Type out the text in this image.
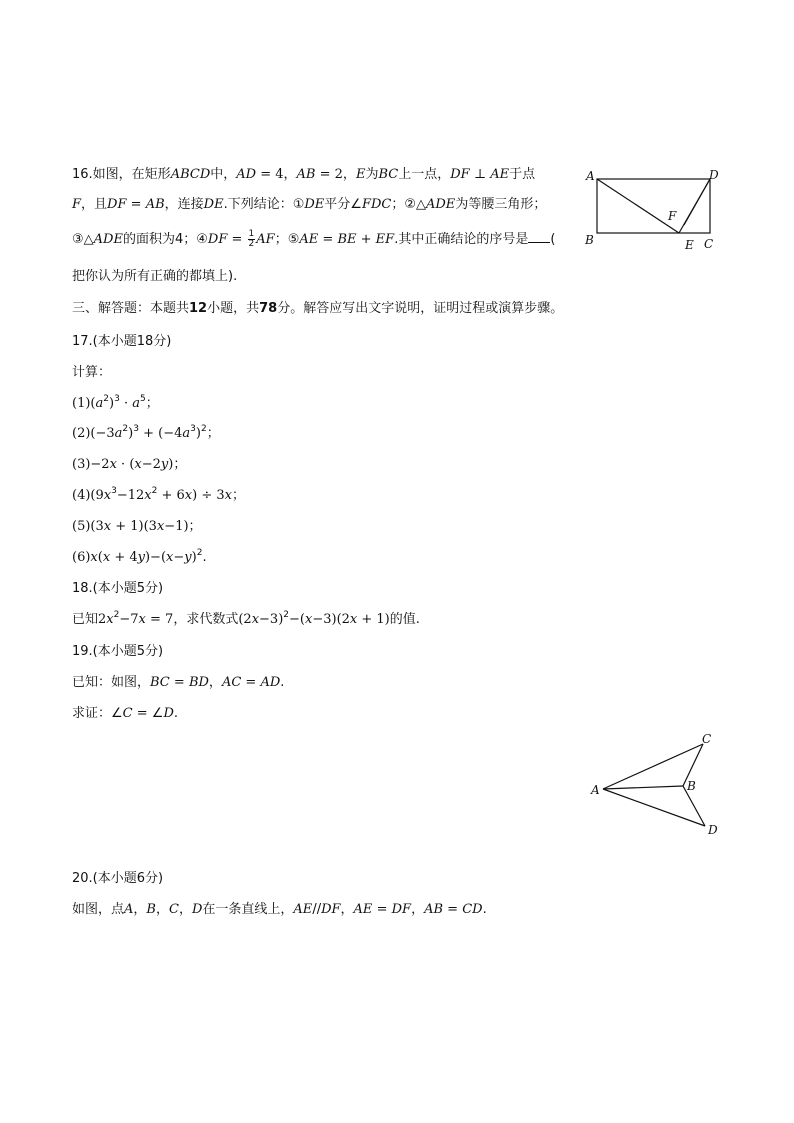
16.如图，在矩形ABCD中，AD = 4，AB = 2，E为BC上一点，DF ⊥ AE于点
F，且DF = AB，连接DE.下列结论：①DE平分∠FDC；②△ADE为等腰三角形；
③△ADE的面积为4；④DF = $\frac{1}{2}$ AF；⑤AE = BE + EF.其中正确结论的序号是 (
把你认为所有正确的都填上).
A
B	C
D
E
F
三、解答题：本题共12小题，共78分。解答应写出文字说明，证明过程或演算步骤。
17.(本小题18分)
计算：
$(1)(a^2)^3 \cdot a^5$；
$(2)(-3a^2)^3 + (-4a^3)^2$；
(3)−2x · (x−2y)；
$(4)(9x^3-12x^2 + 6x) \div 3x$；
(5)(3x + 1)(3x−1)；
$(6)x(x + 4y)-(x-y)^2$.
18.(本小题5分)
已知$2x^2-7x = 7$，求代数式$(2x-3)^2-(x-3)(2x + 1)$的值.
19.(本小题5分)
已知：如图，BC = BD，AC = AD.
求证：∠C = ∠D.
A	B
C
D
20.(本小题6分)
如图，点A，B，C，D在一条直线上，AE//DF，AE = DF，AB = CD.
